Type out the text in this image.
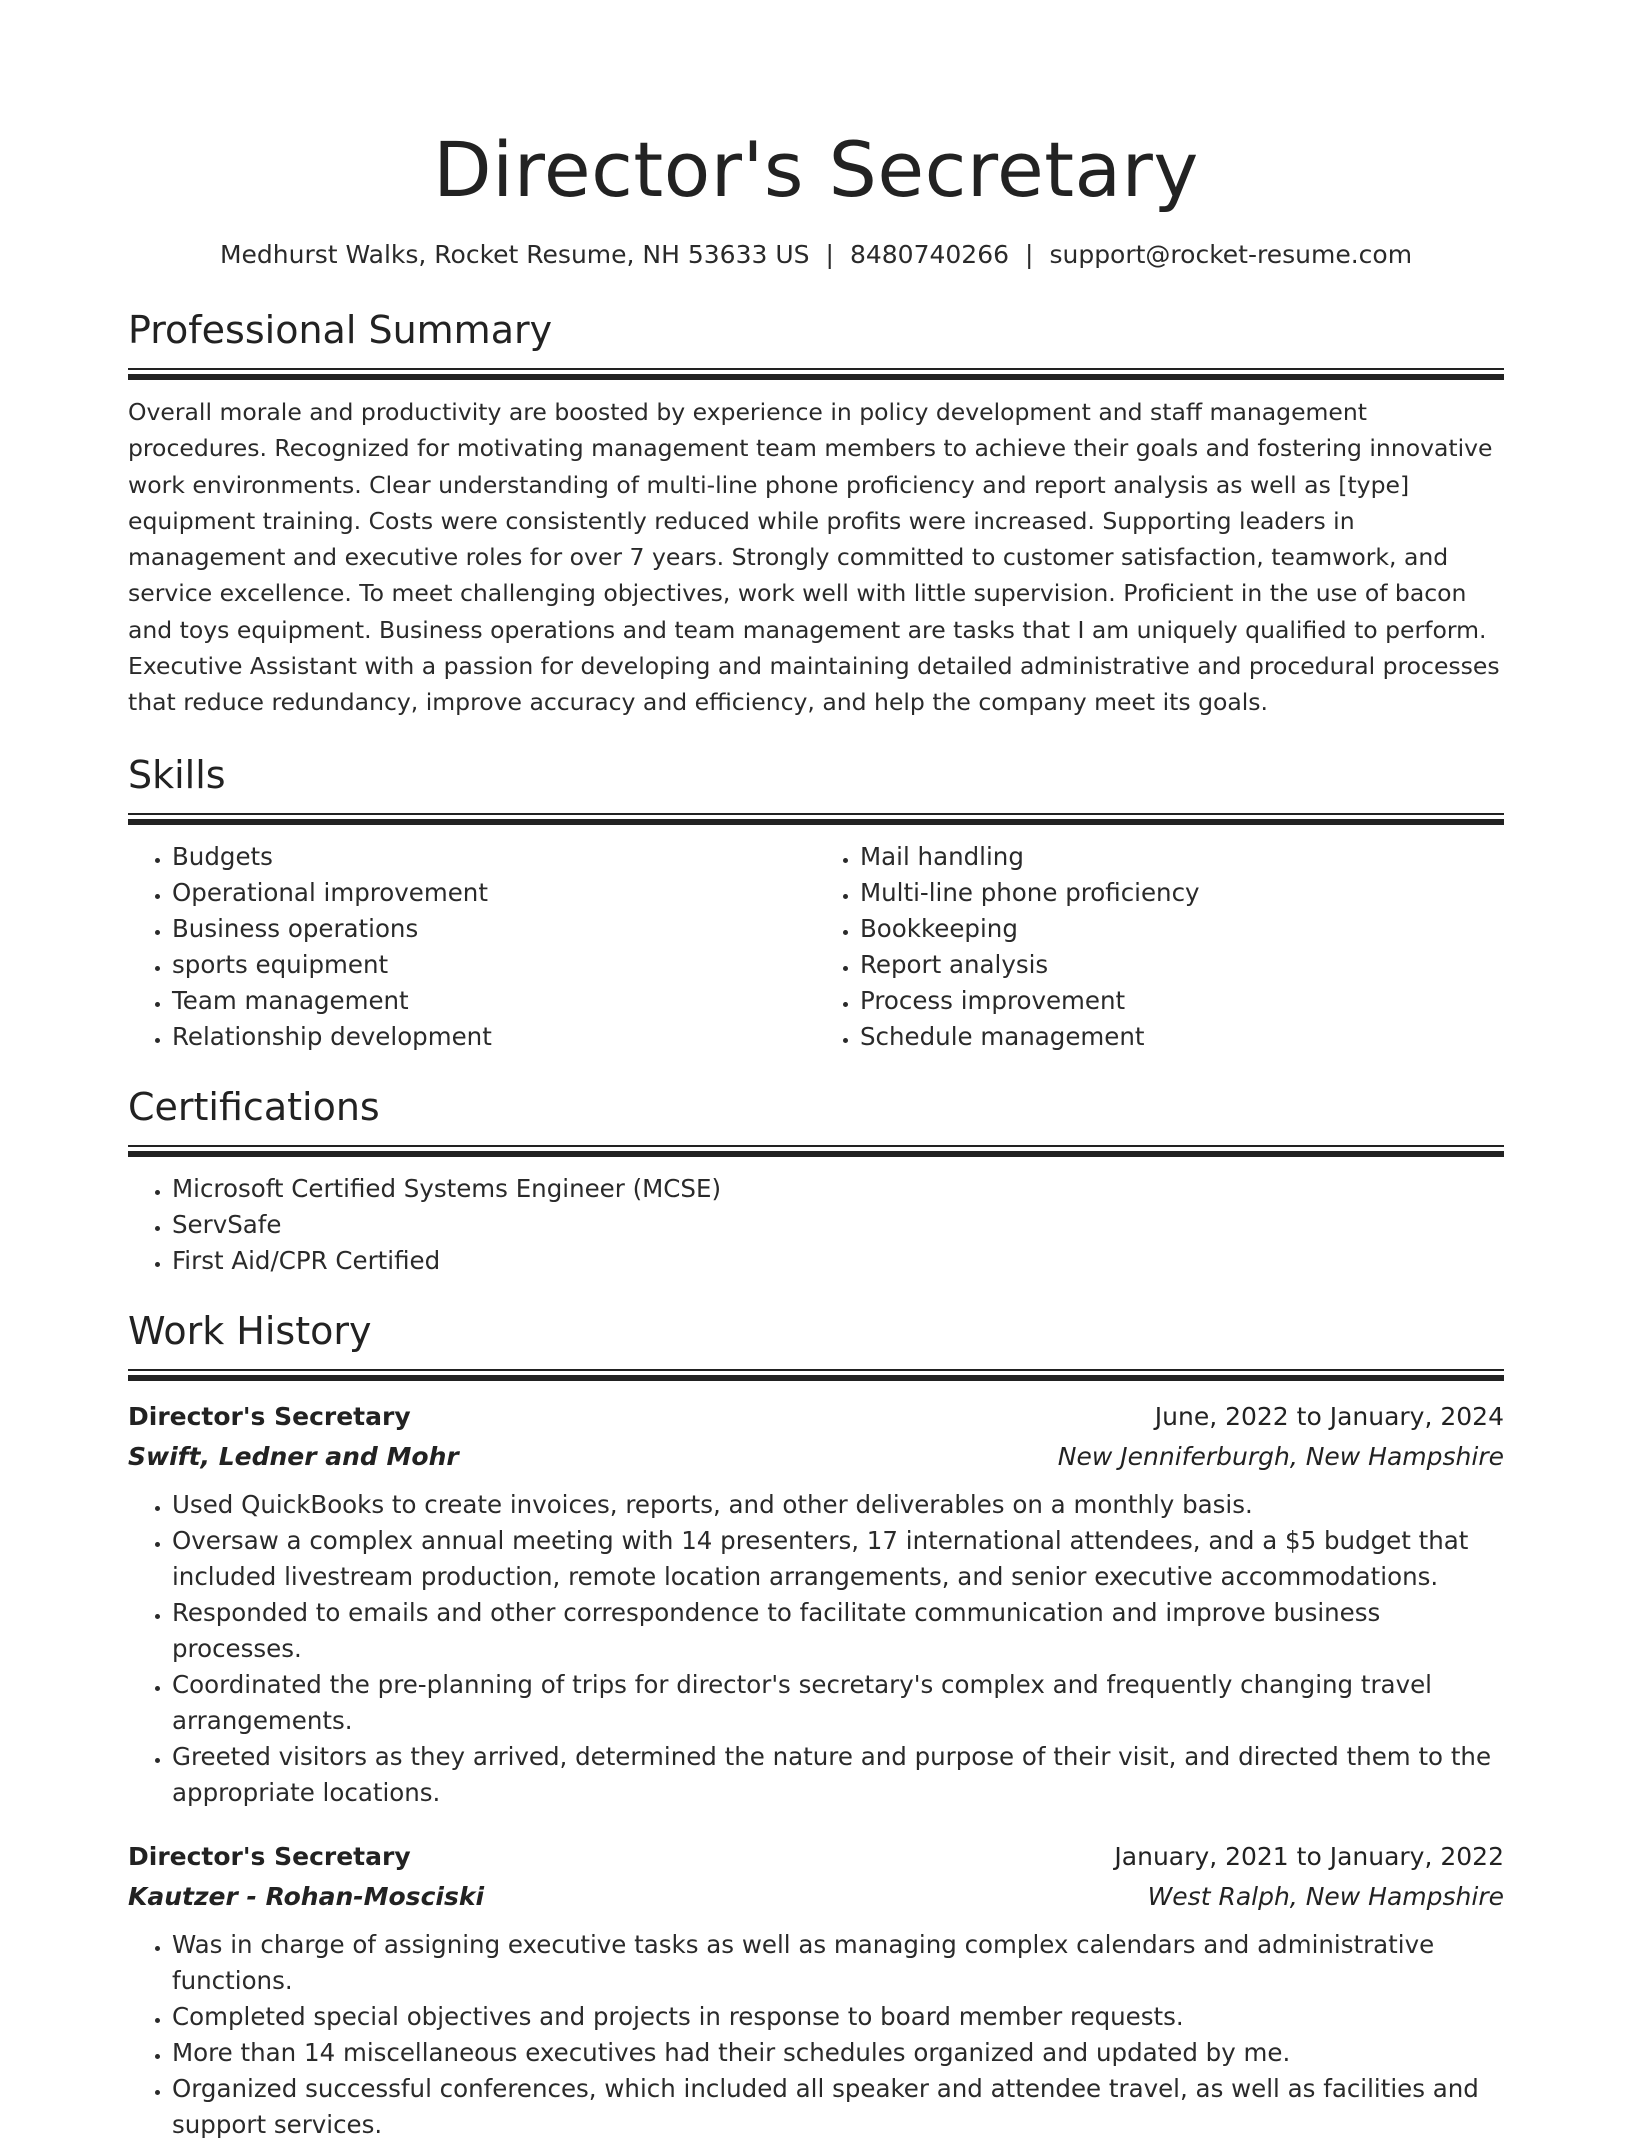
Director's Secretary
Medhurst Walks, Rocket Resume, NH 53633 US | 8480740266 | support@rocket-resume.com
Professional Summary
Overall morale and productivity are boosted by experience in policy development and staff management procedures. Recognized for motivating management team members to achieve their goals and fostering innovative work environments. Clear understanding of multi-line phone proficiency and report analysis as well as [type] equipment training. Costs were consistently reduced while profits were increased. Supporting leaders in management and executive roles for over 7 years. Strongly committed to customer satisfaction, teamwork, and service excellence. To meet challenging objectives, work well with little supervision. Proficient in the use of bacon and toys equipment. Business operations and team management are tasks that I am uniquely qualified to perform. Executive Assistant with a passion for developing and maintaining detailed administrative and procedural processes that reduce redundancy, improve accuracy and efficiency, and help the company meet its goals.
Skills
• Budgets
• Operational improvement
• Business operations
• sports equipment
• Team management
• Relationship development
• Mail handling
• Multi-line phone proficiency
• Bookkeeping
• Report analysis
• Process improvement
• Schedule management
Certifications
• Microsoft Certified Systems Engineer (MCSE)
• ServSafe
• First Aid/CPR Certified
Work History
Director's Secretary	June, 2022 to January, 2024
Swift, Ledner and Mohr	New Jenniferburgh, New Hampshire
• Used QuickBooks to create invoices, reports, and other deliverables on a monthly basis.
• Oversaw a complex annual meeting with 14 presenters, 17 international attendees, and a $5 budget that included livestream production, remote location arrangements, and senior executive accommodations.
• Responded to emails and other correspondence to facilitate communication and improve business processes.
• Coordinated the pre-planning of trips for director's secretary's complex and frequently changing travel arrangements.
• Greeted visitors as they arrived, determined the nature and purpose of their visit, and directed them to the appropriate locations.
Director's Secretary	January, 2021 to January, 2022
Kautzer - Rohan-Mosciski	West Ralph, New Hampshire
• Was in charge of assigning executive tasks as well as managing complex calendars and administrative functions.
• Completed special objectives and projects in response to board member requests.
• More than 14 miscellaneous executives had their schedules organized and updated by me.
• Organized successful conferences, which included all speaker and attendee travel, as well as facilities and support services.
